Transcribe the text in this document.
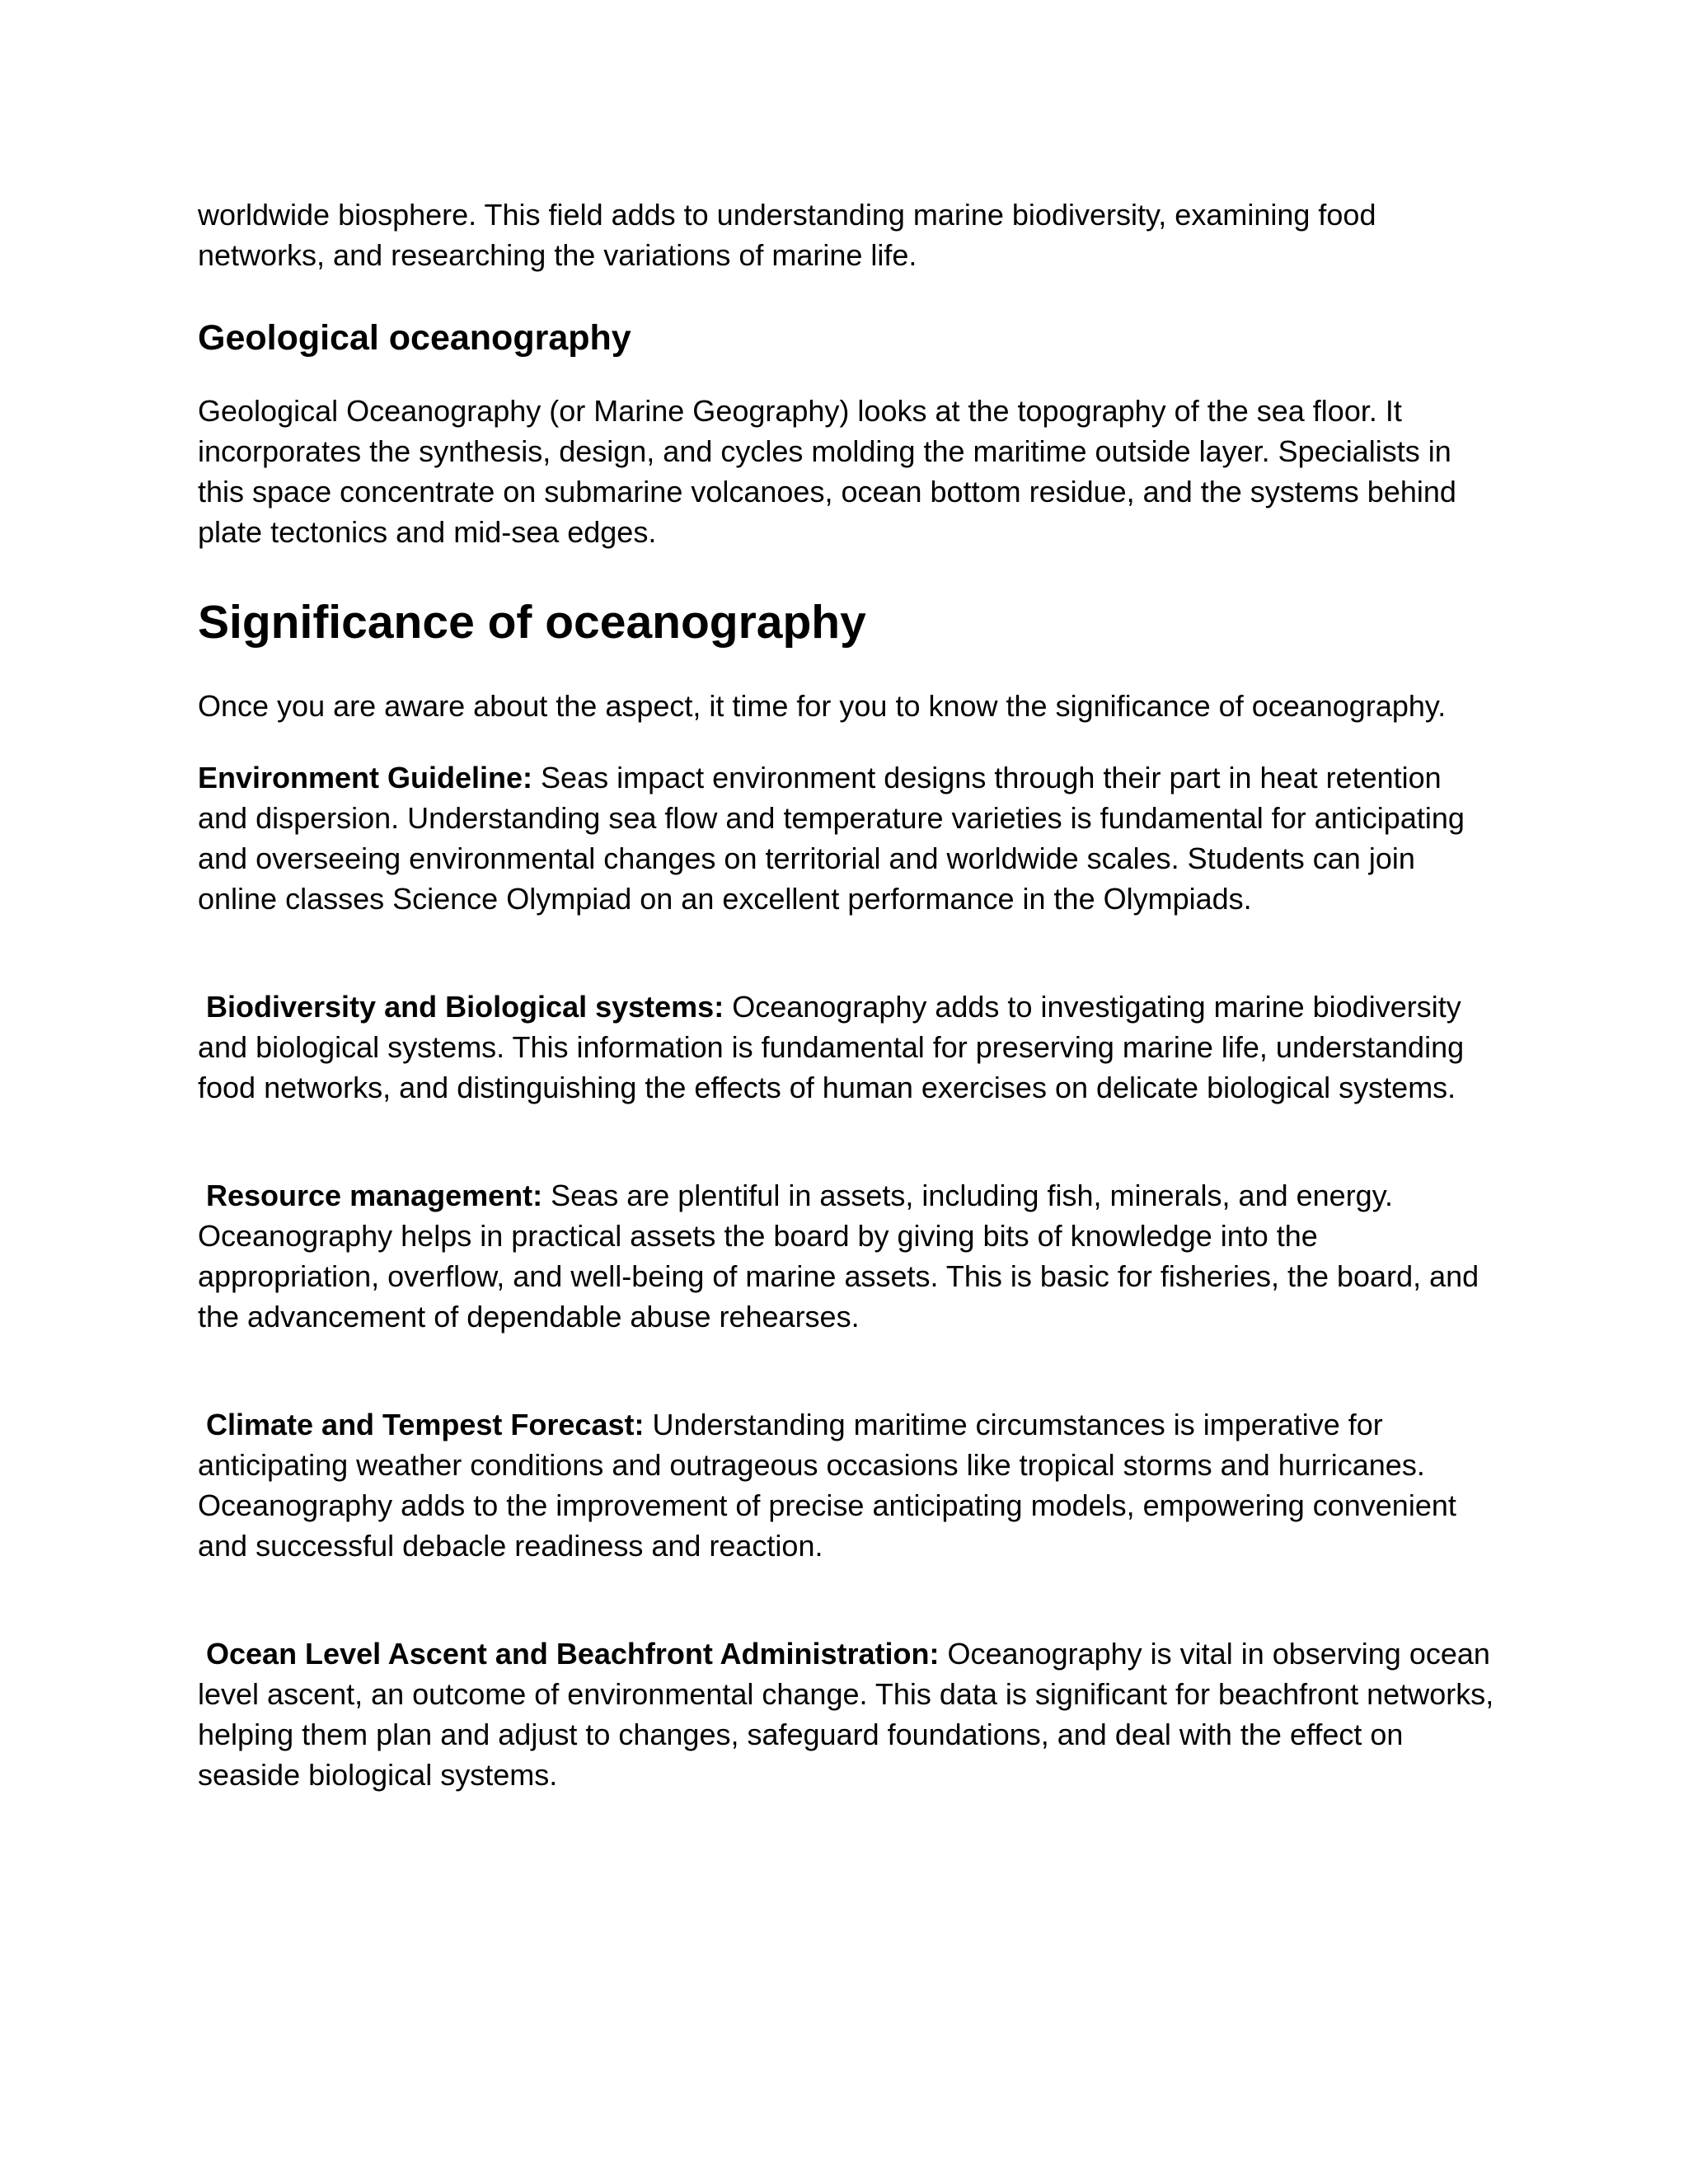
worldwide biosphere. This field adds to understanding marine biodiversity, examining food networks, and researching the variations of marine life.

Geological oceanography

Geological Oceanography (or Marine Geography) looks at the topography of the sea floor. It incorporates the synthesis, design, and cycles molding the maritime outside layer. Specialists in this space concentrate on submarine volcanoes, ocean bottom residue, and the systems behind plate tectonics and mid-sea edges.

Significance of oceanography

Once you are aware about the aspect, it time for you to know the significance of oceanography.

Environment Guideline: Seas impact environment designs through their part in heat retention and dispersion. Understanding sea flow and temperature varieties is fundamental for anticipating and overseeing environmental changes on territorial and worldwide scales. Students can join online classes Science Olympiad on an excellent performance in the Olympiads.

Biodiversity and Biological systems: Oceanography adds to investigating marine biodiversity and biological systems. This information is fundamental for preserving marine life, understanding food networks, and distinguishing the effects of human exercises on delicate biological systems.

Resource management: Seas are plentiful in assets, including fish, minerals, and energy. Oceanography helps in practical assets the board by giving bits of knowledge into the appropriation, overflow, and well-being of marine assets. This is basic for fisheries, the board, and the advancement of dependable abuse rehearses.

Climate and Tempest Forecast: Understanding maritime circumstances is imperative for anticipating weather conditions and outrageous occasions like tropical storms and hurricanes. Oceanography adds to the improvement of precise anticipating models, empowering convenient and successful debacle readiness and reaction.

Ocean Level Ascent and Beachfront Administration: Oceanography is vital in observing ocean level ascent, an outcome of environmental change. This data is significant for beachfront networks, helping them plan and adjust to changes, safeguard foundations, and deal with the effect on seaside biological systems.
